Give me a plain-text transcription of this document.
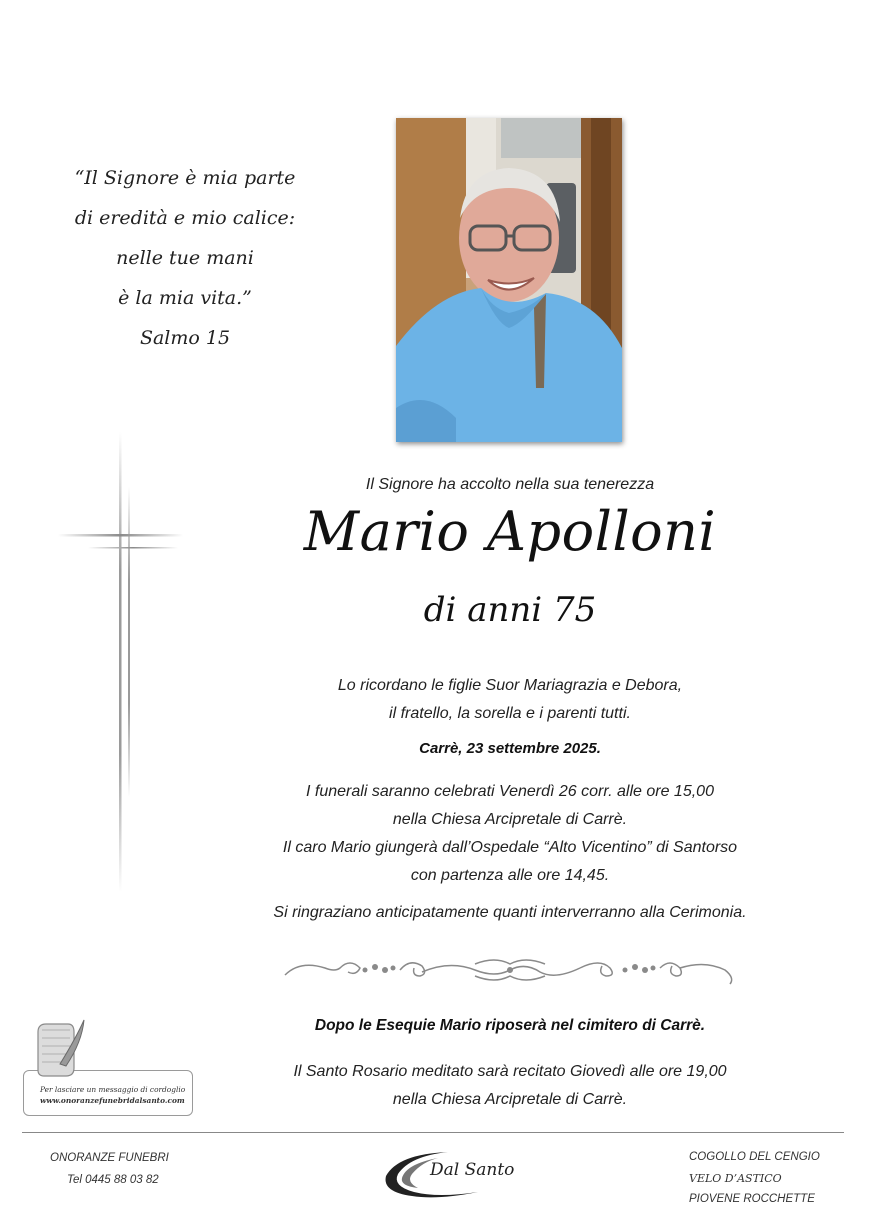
“Il Signore è mia parte
di eredità e mio calice:
nelle tue mani
è la mia vita.”
Salmo 15
Il Signore ha accolto nella sua tenerezza
Mario Apolloni
di anni 75
Lo ricordano le figlie Suor Mariagrazia e Debora,
il fratello, la sorella e i parenti tutti.
Carrè, 23 settembre 2025.
I funerali saranno celebrati Venerdì 26 corr. alle ore 15,00
nella Chiesa Arcipretale di Carrè.
Il caro Mario giungerà dall’Ospedale “Alto Vicentino” di Santorso
con partenza alle ore 14,45.
Si ringraziano anticipatamente quanti interverranno alla Cerimonia.
Dopo le Esequie Mario riposerà nel cimitero di Carrè.
Il Santo Rosario meditato sarà recitato Giovedì alle ore 19,00
nella Chiesa Arcipretale di Carrè.
Per lasciare un messaggio di cordoglio
www.onoranzefunebridalsanto.com
ONORANZE FUNEBRI
Tel 0445 88 03 82	Dal Santo
COGOLLO DEL CENGIO
VELO D’ASTICO
PIOVENE ROCCHETTE
